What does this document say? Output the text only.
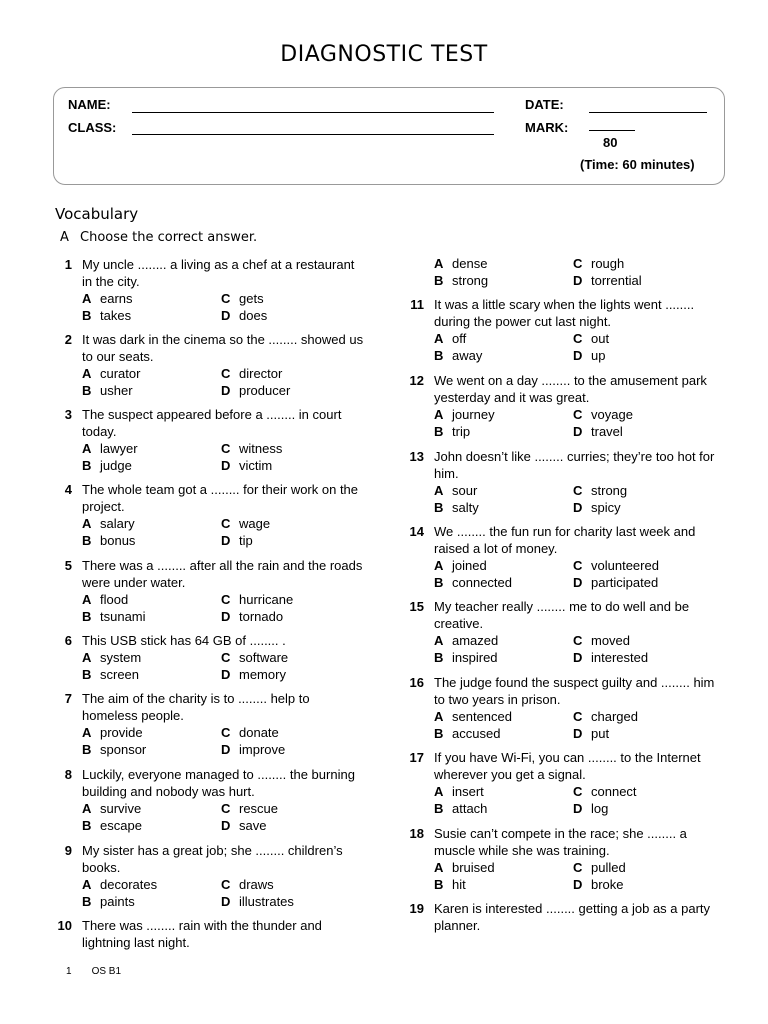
DIAGNOSTIC TEST
NAME:
CLASS:
DATE:
MARK:
80
(Time: 60 minutes)
Vocabulary
A Choose the correct answer.
1 My uncle ........ a living as a chef at a restaurant in the city.
A earns
B takes
C gets
D does
2 It was dark in the cinema so the ........ showed us to our seats.
A curator
B usher
C director
D producer
3 The suspect appeared before a ........ in court today.
A lawyer
B judge
C witness
D victim
4 The whole team got a ........ for their work on the project.
A salary
B bonus
C wage
D tip
5 There was a ........ after all the rain and the roads were under water.
A flood
B tsunami
C hurricane
D tornado
6 This USB stick has 64 GB of ........ .
A system
B screen
C software
D memory
7 The aim of the charity is to ........ help to homeless people.
A provide
B sponsor
C donate
D improve
8 Luckily, everyone managed to ........ the burning building and nobody was hurt.
A survive
B escape
C rescue
D save
9 My sister has a great job; she ........ children’s books.
A decorates
B paints
C draws
D illustrates
10 There was ........ rain with the thunder and lightning last night.
11 It was a little scary when the lights went ........ during the power cut last night.
A off
B away
C out
D up
12 We went on a day ........ to the amusement park yesterday and it was great.
A journey
B trip
C voyage
D travel
13 John doesn’t like ........ curries; they’re too hot for him.
A sour
B salty
C strong
D spicy
14 We ........ the fun run for charity last week and raised a lot of money.
A joined
B connected
C volunteered
D participated
15 My teacher really ........ me to do well and be creative.
A amazed
B inspired
C moved
D interested
16 The judge found the suspect guilty and ........ him to two years in prison.
A sentenced
B accused
C charged
D put
17 If you have Wi-Fi, you can ........ to the Internet wherever you get a signal.
A insert
B attach
C connect
D log
18 Susie can’t compete in the race; she ........ a muscle while she was training.
A bruised
B hit
C pulled
D broke
19 Karen is interested ........ getting a job as a party planner.
A dense
B strong
C rough
D torrential
1 OS B1
